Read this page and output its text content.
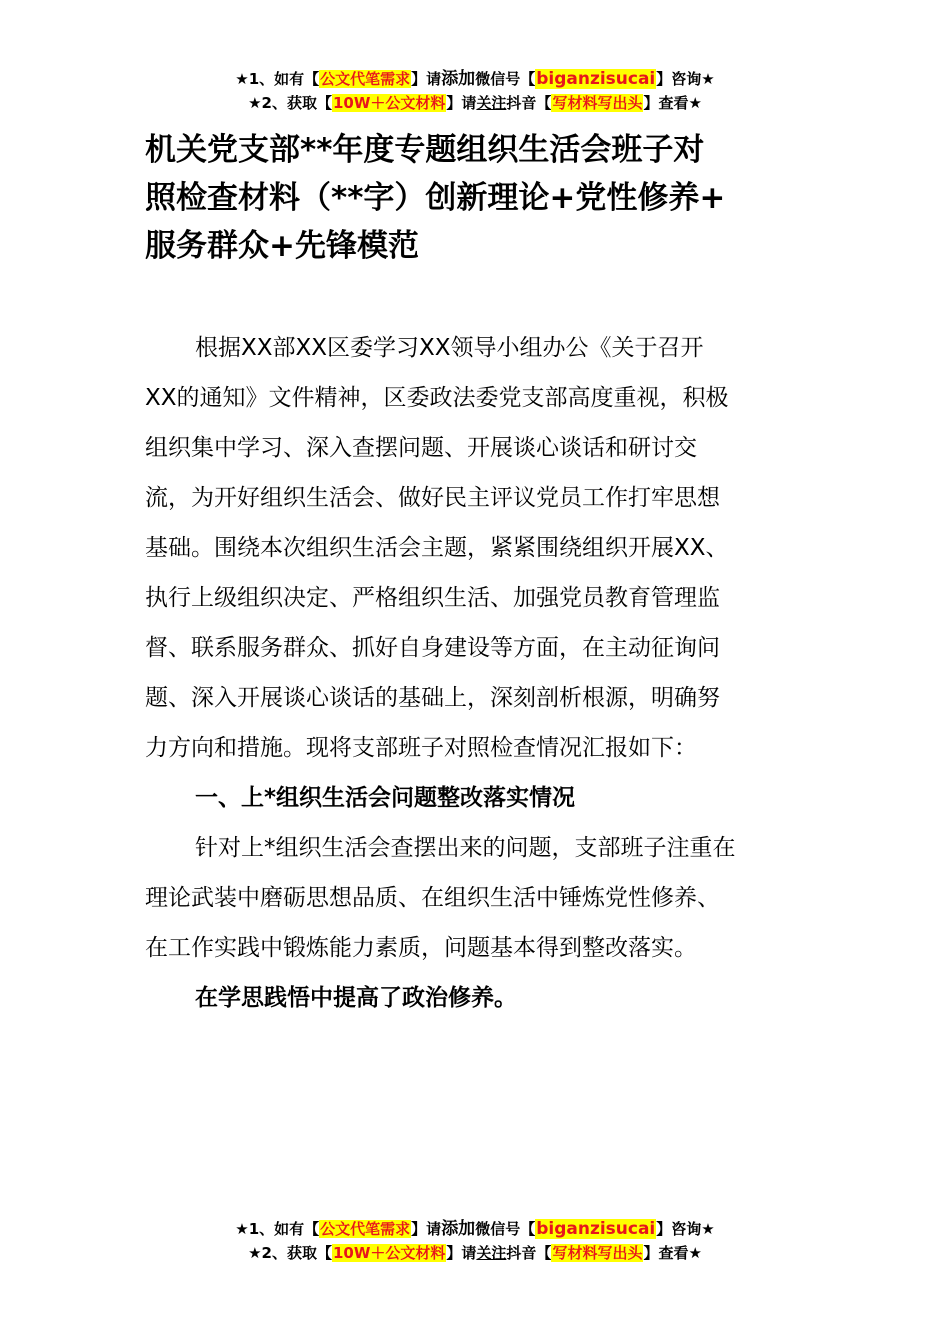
★1、如有【公文代笔需求】请添加微信号【biganzisucai】咨询★
★2、获取【10W＋公文材料】请关注抖音【写材料写出头】查看★
机关党支部**年度专题组织生活会班子对
照检查材料（**字）创新理论+党性修养+
服务群众+先锋模范
根据XX部XX区委学习XX领导小组办公《关于召开
XX的通知》文件精神，区委政法委党支部高度重视，积极
组织集中学习、深入查摆问题、开展谈心谈话和研讨交
流，为开好组织生活会、做好民主评议党员工作打牢思想
基础。围绕本次组织生活会主题，紧紧围绕组织开展XX、
执行上级组织决定、严格组织生活、加强党员教育管理监
督、联系服务群众、抓好自身建设等方面，在主动征询问
题、深入开展谈心谈话的基础上，深刻剖析根源，明确努
力方向和措施。现将支部班子对照检查情况汇报如下：
一、上*组织生活会问题整改落实情况
针对上*组织生活会查摆出来的问题，支部班子注重在
理论武装中磨砺思想品质、在组织生活中锤炼党性修养、
在工作实践中锻炼能力素质，问题基本得到整改落实。
在学思践悟中提高了政治修养。
★1、如有【公文代笔需求】请添加微信号【biganzisucai】咨询★
★2、获取【10W＋公文材料】请关注抖音【写材料写出头】查看★
